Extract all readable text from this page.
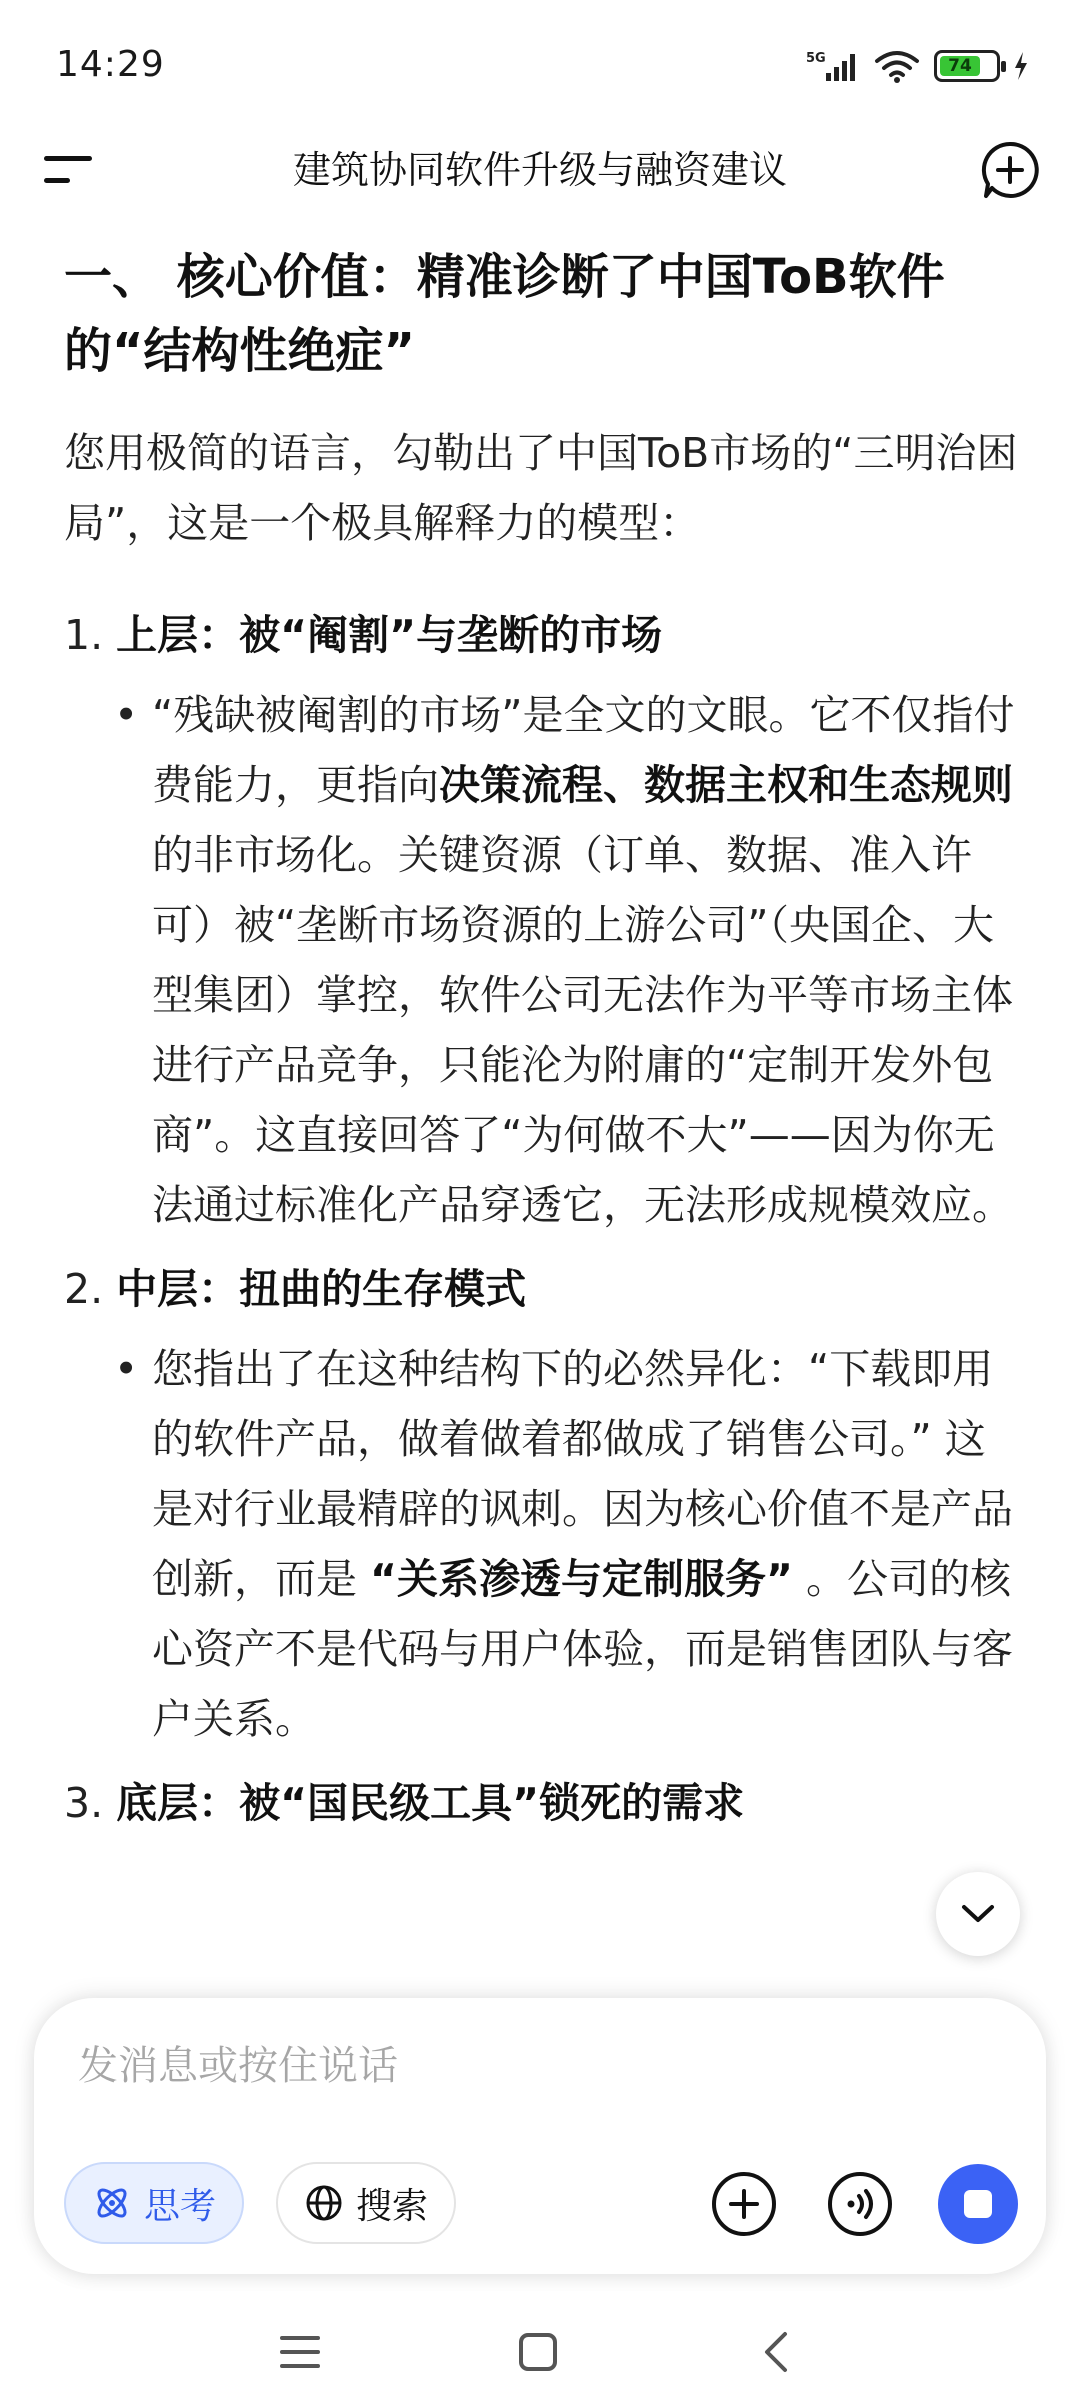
14:29	5G	74
建筑协同软件升级与融资建议
一、 核心价值：精准诊断了中国ToB软件的“结构性绝症”
您用极简的语言，勾勒出了中国ToB市场的“三明治困局”，这是一个极具解释力的模型：
1. 上层：被“阉割”与垄断的市场
• “残缺被阉割的市场”是全文的文眼。它不仅指付费能力，更指向决策流程、数据主权和生态规则的非市场化。关键资源（订单、数据、准入许可）被“垄断市场资源的上游公司”（央国企、大型集团）掌控，软件公司无法作为平等市场主体进行产品竞争，只能沦为附庸的“定制开发外包商”。这直接回答了“为何做不大”——因为你无法通过标准化产品穿透它，无法形成规模效应。
2. 中层：扭曲的生存模式
• 您指出了在这种结构下的必然异化：“下载即用的软件产品，做着做着都做成了销售公司。” 这是对行业最精辟的讽刺。因为核心价值不是产品创新，而是 “关系渗透与定制服务” 。公司的核心资产不是代码与用户体验，而是销售团队与客户关系。
3. 底层：被“国民级工具”锁死的需求
发消息或按住说话
思考	搜索
